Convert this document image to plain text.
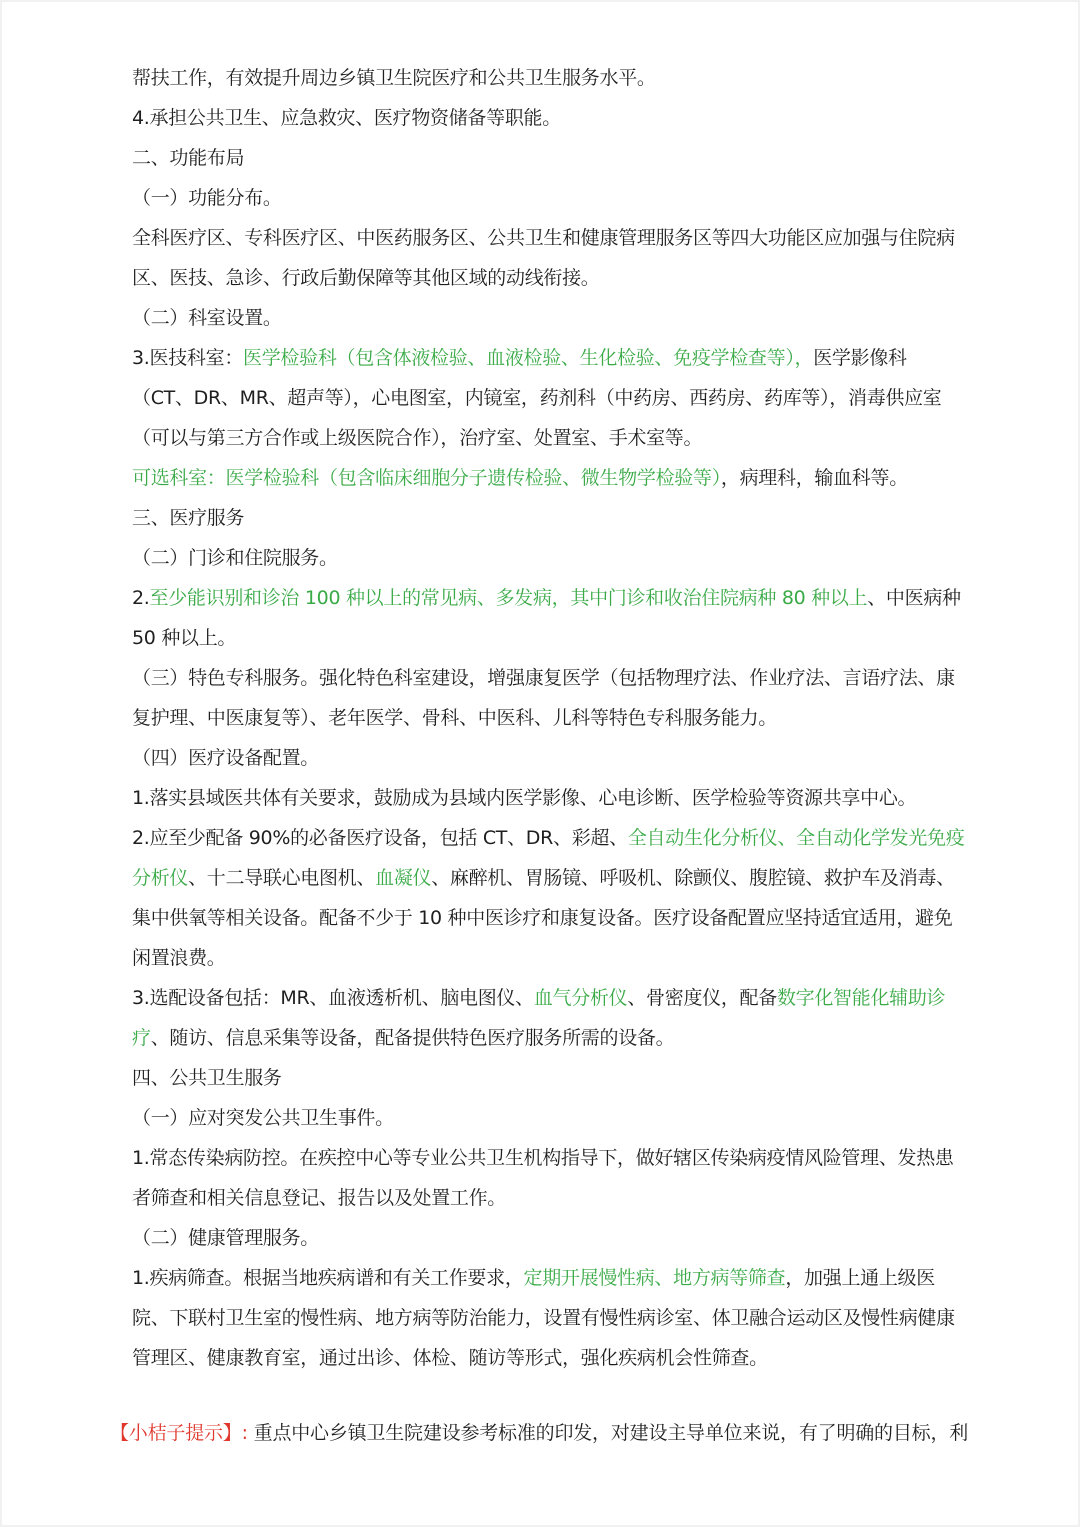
帮扶工作，有效提升周边乡镇卫生院医疗和公共卫生服务水平。
4.承担公共卫生、应急救灾、医疗物资储备等职能。
二、功能布局
（一）功能分布。
全科医疗区、专科医疗区、中医药服务区、公共卫生和健康管理服务区等四大功能区应加强与住院病
区、医技、急诊、行政后勤保障等其他区域的动线衔接。
（二）科室设置。
3.医技科室：医学检验科（包含体液检验、血液检验、生化检验、免疫学检查等），医学影像科
（CT、DR、MR、超声等），心电图室，内镜室，药剂科（中药房、西药房、药库等），消毒供应室
（可以与第三方合作或上级医院合作），治疗室、处置室、手术室等。
可选科室：医学检验科（包含临床细胞分子遗传检验、微生物学检验等），病理科，输血科等。
三、医疗服务
（二）门诊和住院服务。
2.至少能识别和诊治 100 种以上的常见病、多发病，其中门诊和收治住院病种 80 种以上、中医病种
50 种以上。
（三）特色专科服务。强化特色科室建设，增强康复医学（包括物理疗法、作业疗法、言语疗法、康
复护理、中医康复等）、老年医学、骨科、中医科、儿科等特色专科服务能力。
（四）医疗设备配置。
1.落实县域医共体有关要求，鼓励成为县域内医学影像、心电诊断、医学检验等资源共享中心。
2.应至少配备 90%的必备医疗设备，包括 CT、DR、彩超、全自动生化分析仪、全自动化学发光免疫
分析仪、十二导联心电图机、血凝仪、麻醉机、胃肠镜、呼吸机、除颤仪、腹腔镜、救护车及消毒、
集中供氧等相关设备。配备不少于 10 种中医诊疗和康复设备。医疗设备配置应坚持适宜适用，避免
闲置浪费。
3.选配设备包括：MR、血液透析机、脑电图仪、血气分析仪、骨密度仪，配备数字化智能化辅助诊
疗、随访、信息采集等设备，配备提供特色医疗服务所需的设备。
四、公共卫生服务
（一）应对突发公共卫生事件。
1.常态传染病防控。在疾控中心等专业公共卫生机构指导下，做好辖区传染病疫情风险管理、发热患
者筛查和相关信息登记、报告以及处置工作。
（二）健康管理服务。
1.疾病筛查。根据当地疾病谱和有关工作要求，定期开展慢性病、地方病等筛查，加强上通上级医
院、下联村卫生室的慢性病、地方病等防治能力，设置有慢性病诊室、体卫融合运动区及慢性病健康
管理区、健康教育室，通过出诊、体检、随访等形式，强化疾病机会性筛查。
【小桔子提示】: 重点中心乡镇卫生院建设参考标准的印发，对建设主导单位来说，有了明确的目标，利
